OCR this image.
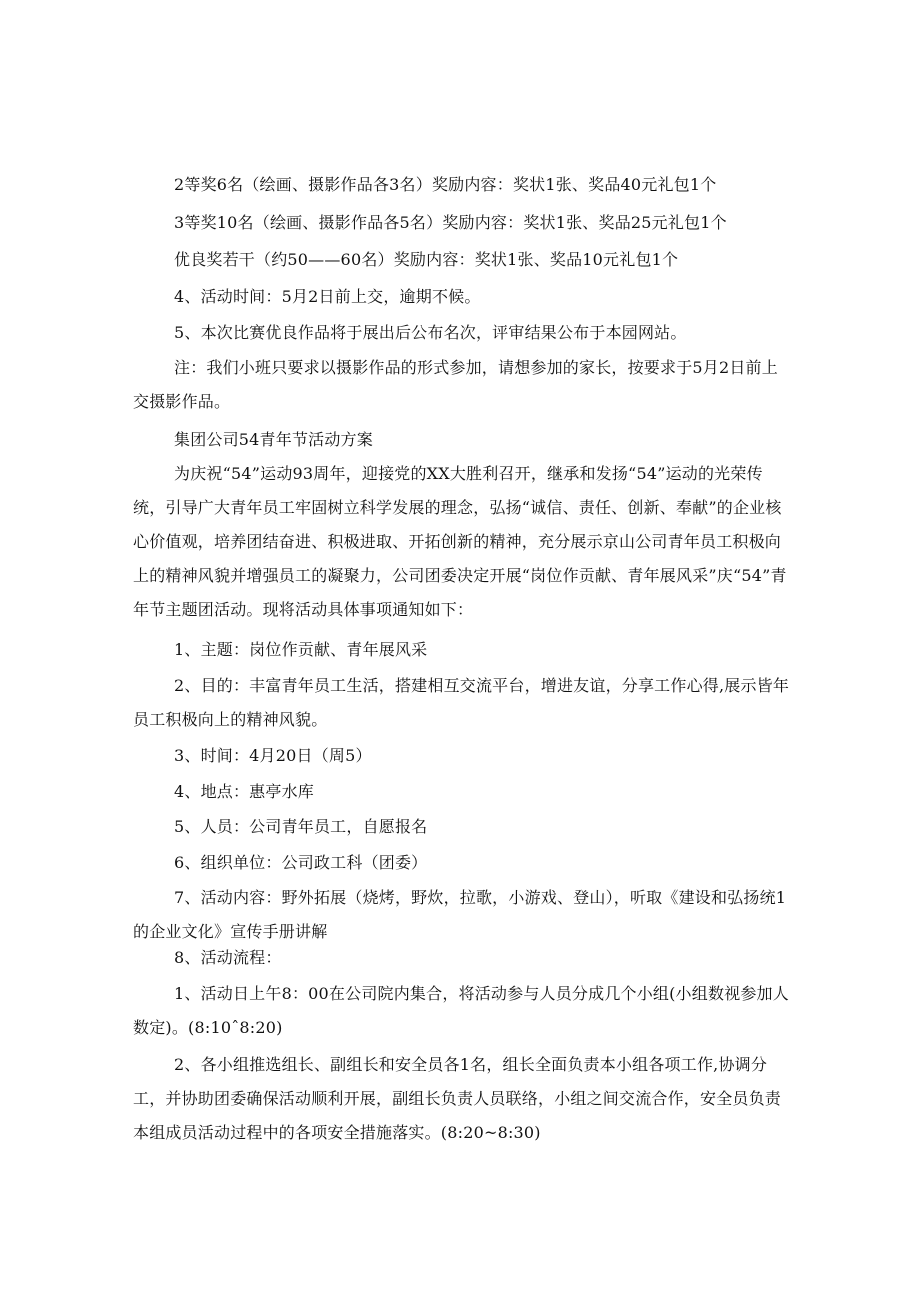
2等奖6名（绘画、摄影作品各3名）奖励内容：奖状1张、奖品40元礼包1个
3等奖10名（绘画、摄影作品各5名）奖励内容：奖状1张、奖品25元礼包1个
优良奖若干（约50——60名）奖励内容：奖状1张、奖品10元礼包1个
4、活动时间：5月2日前上交，逾期不候。
5、本次比赛优良作品将于展出后公布名次，评审结果公布于本园网站。
注：我们小班只要求以摄影作品的形式参加，请想参加的家长，按要求于5月2日前上交摄影作品。
集团公司54青年节活动方案
为庆祝“54”运动93周年，迎接党的XX大胜利召开，继承和发扬“54”运动的光荣传统，引导广大青年员工牢固树立科学发展的理念，弘扬“诚信、责任、创新、奉献”的企业核心价值观，培养团结奋进、积极进取、开拓创新的精神，充分展示京山公司青年员工积极向上的精神风貌并增强员工的凝聚力，公司团委决定开展“岗位作贡献、青年展风采”庆“54”青年节主题团活动。现将活动具体事项通知如下：
1、主题：岗位作贡献、青年展风采
2、目的：丰富青年员工生活，搭建相互交流平台，增进友谊，分享工作心得,展示皆年员工积极向上的精神风貌。
3、时间：4月20日（周5）
4、地点：惠亭水库
5、人员：公司青年员工，自愿报名
6、组织单位：公司政工科（团委）
7、活动内容：野外拓展（烧烤，野炊，拉歌，小游戏、登山），听取《建设和弘扬统1的企业文化》宣传手册讲解
8、活动流程：
1、活动日上午8：00在公司院内集合，将活动参与人员分成几个小组(小组数视参加人数定)。(8:10ˆ8:20)
2、各小组推选组长、副组长和安全员各1名，组长全面负责本小组各项工作,协调分工，并协助团委确保活动顺利开展，副组长负责人员联络，小组之间交流合作，安全员负责本组成员活动过程中的各项安全措施落实。(8:20~8:30)
